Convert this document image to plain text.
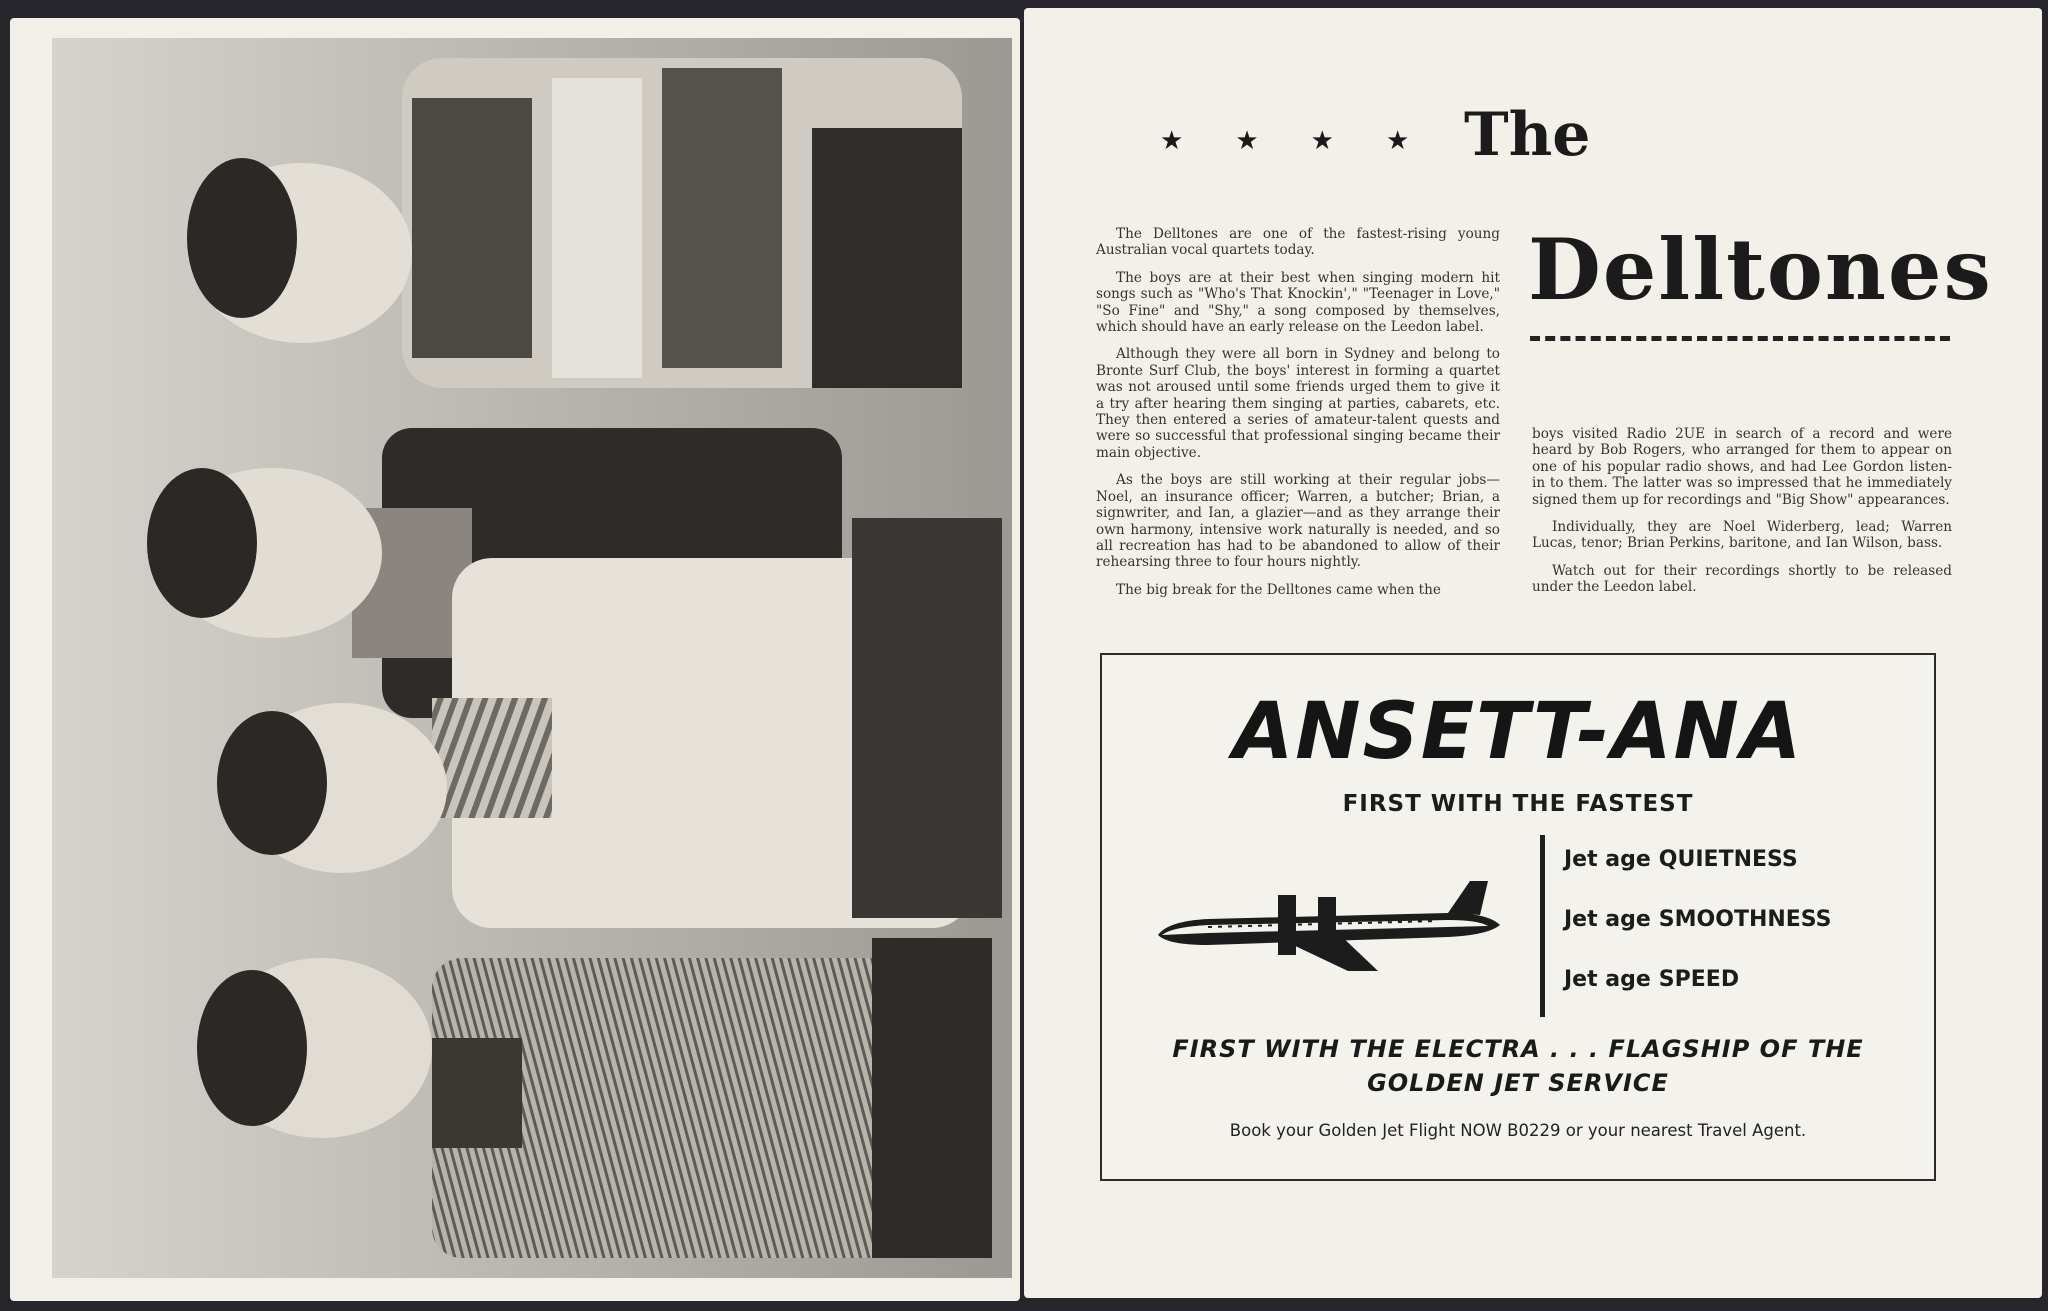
★ ★ ★ ★ The
Delltones

The Delltones are one of the fastest-rising young Australian vocal quartets today.

The boys are at their best when singing modern hit songs such as "Who's That Knockin'," "Teenager in Love," "So Fine" and "Shy," a song composed by themselves, which should have an early release on the Leedon label.

Although they were all born in Sydney and belong to Bronte Surf Club, the boys' interest in forming a quartet was not aroused until some friends urged them to give it a try after hearing them singing at parties, cabarets, etc. They then entered a series of amateur-talent quests and were so successful that professional singing became their main objective.

As the boys are still working at their regular jobs—Noel, an insurance officer; Warren, a butcher; Brian, a signwriter, and Ian, a glazier—and as they arrange their own harmony, intensive work naturally is needed, and so all recreation has had to be abandoned to allow of their rehearsing three to four hours nightly.

The big break for the Delltones came when the

boys visited Radio 2UE in search of a record and were heard by Bob Rogers, who arranged for them to appear on one of his popular radio shows, and had Lee Gordon listen-in to them. The latter was so impressed that he immediately signed them up for recordings and "Big Show" appearances.

Individually, they are Noel Widerberg, lead; Warren Lucas, tenor; Brian Perkins, baritone, and Ian Wilson, bass.

Watch out for their recordings shortly to be released under the Leedon label.

ANSETT-ANA
FIRST WITH THE FASTEST
Jet age QUIETNESS
Jet age SMOOTHNESS
Jet age SPEED
FIRST WITH THE ELECTRA . . . FLAGSHIP OF THE
GOLDEN JET SERVICE
Book your Golden Jet Flight NOW B0229 or your nearest Travel Agent.
